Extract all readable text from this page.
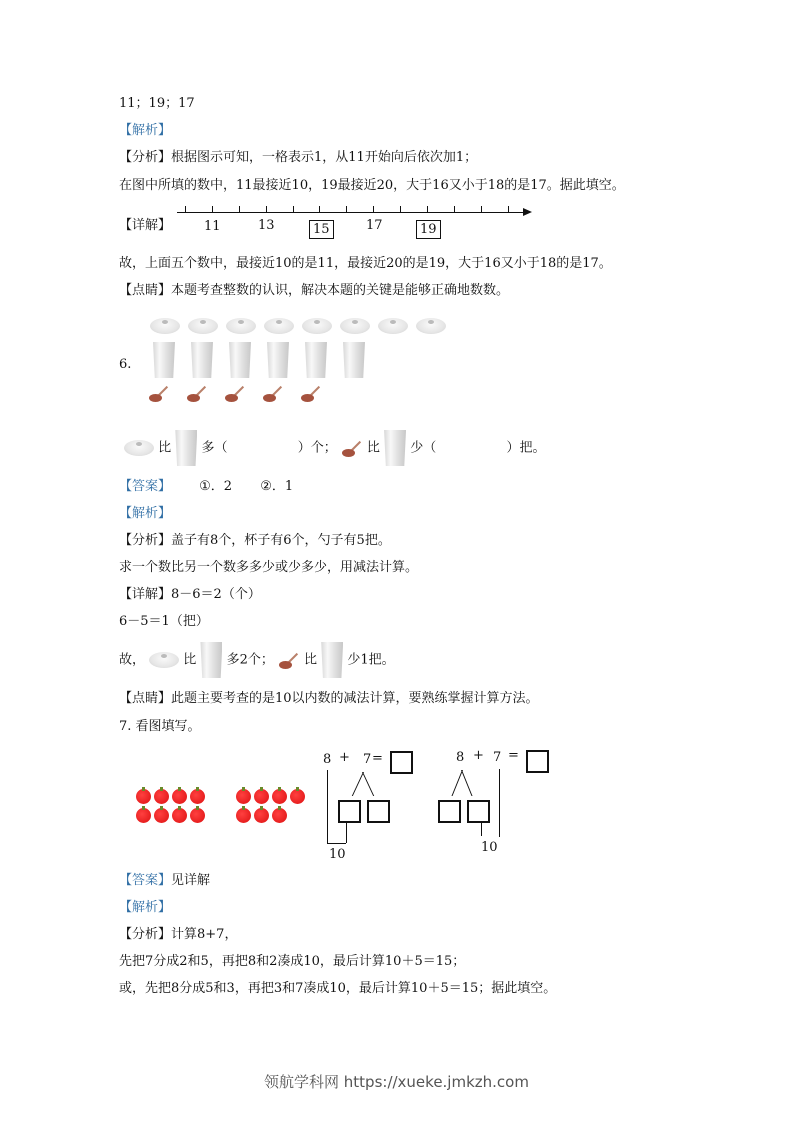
11；19；17
【解析】
【分析】根据图示可知，一格表示1，从11开始向后依次加1；
在图中所填的数中，11最接近10，19最接近20，大于16又小于18的是17。据此填空。
【详解】	11	13	15	17	19
故，上面五个数中，最接近10的是11，最接近20的是19，大于16又小于18的是17。
【点睛】本题考查整数的认识，解决本题的关键是能够正确地数数。
6.
比 多（	）个； 比 少（	）把。
【答案】 ①．2 ②．1
【解析】
【分析】盖子有8个，杯子有6个，勺子有5把。
求一个数比另一个数多多少或少多少，用减法计算。
【详解】8－6＝2（个）
6－5＝1（把）
故，	比 多2个； 比 少1把。
【点睛】此题主要考查的是10以内数的减法计算，要熟练掌握计算方法。
7. 看图填写。
8 + 7 =
10
8 + 7 =
10
【答案】见详解
【解析】
【分析】计算8+7，
先把7分成2和5，再把8和2凑成10，最后计算10＋5＝15；
或，先把8分成5和3，再把3和7凑成10，最后计算10＋5＝15；据此填空。
领航学科网 https://xueke.jmkzh.com
